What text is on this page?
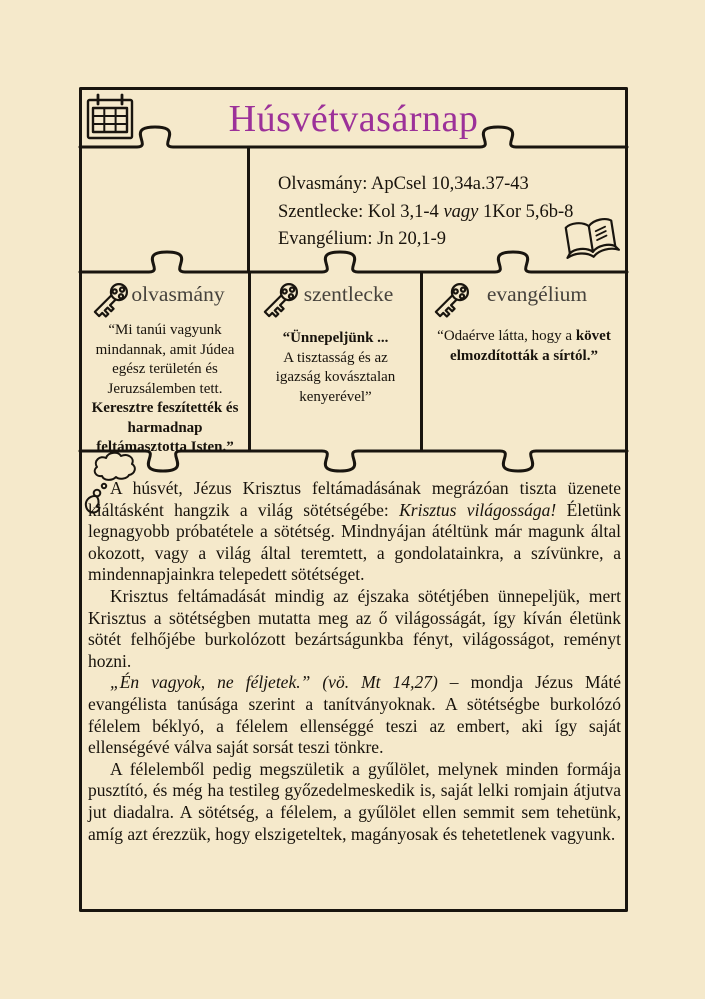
Húsvétvasárnap
Olvasmány: ApCsel 10,34a.37-43
Szentlecke: Kol 3,1-4 vagy 1Kor 5,6b-8
Evangélium: Jn 20,1-9
olvasmány

“Mi tanúi vagyunk mindannak, amit Júdea egész területén és Jeruzsálemben tett. Keresztre feszítették és harmadnap feltámasztotta Isten.”

szentlecke

“Ünnepeljünk ...
A tisztasság és az igazság kovásztalan kenyerével”

evangélium

“Odaérve látta, hogy a követ elmozdították a sírtól.”

A húsvét, Jézus Krisztus feltámadásának megrázóan tiszta üzenete kiáltásként hangzik a világ sötétségébe: Krisztus világossága! Életünk legnagyobb próbatétele a sötétség. Mindnyájan átéltünk már magunk által okozott, vagy a világ által teremtett, a gondolatainkra, a szívünkre, a mindennapjainkra telepedett sötétséget.

Krisztus feltámadását mindig az éjszaka sötétjében ünnepeljük, mert Krisztus a sötétségben mutatta meg az ő világosságát, így kíván életünk sötét felhőjébe burkolózott bezártságunkba fényt, világosságot, reményt hozni.

„Én vagyok, ne féljetek.” (vö. Mt 14,27) – mondja Jézus Máté evangélista tanúsága szerint a tanítványoknak. A sötétségbe burkolózó félelem béklyó, a félelem ellenséggé teszi az embert, aki így saját ellenségévé válva saját sorsát teszi tönkre.

A félelemből pedig megszületik a gyűlölet, melynek minden formája pusztító, és még ha testileg győzedelmeskedik is, saját lelki romjain átjutva jut diadalra. A sötétség, a félelem, a gyűlölet ellen semmit sem tehetünk, amíg azt érezzük, hogy elszigeteltek, magányosak és tehetetlenek vagyunk.
